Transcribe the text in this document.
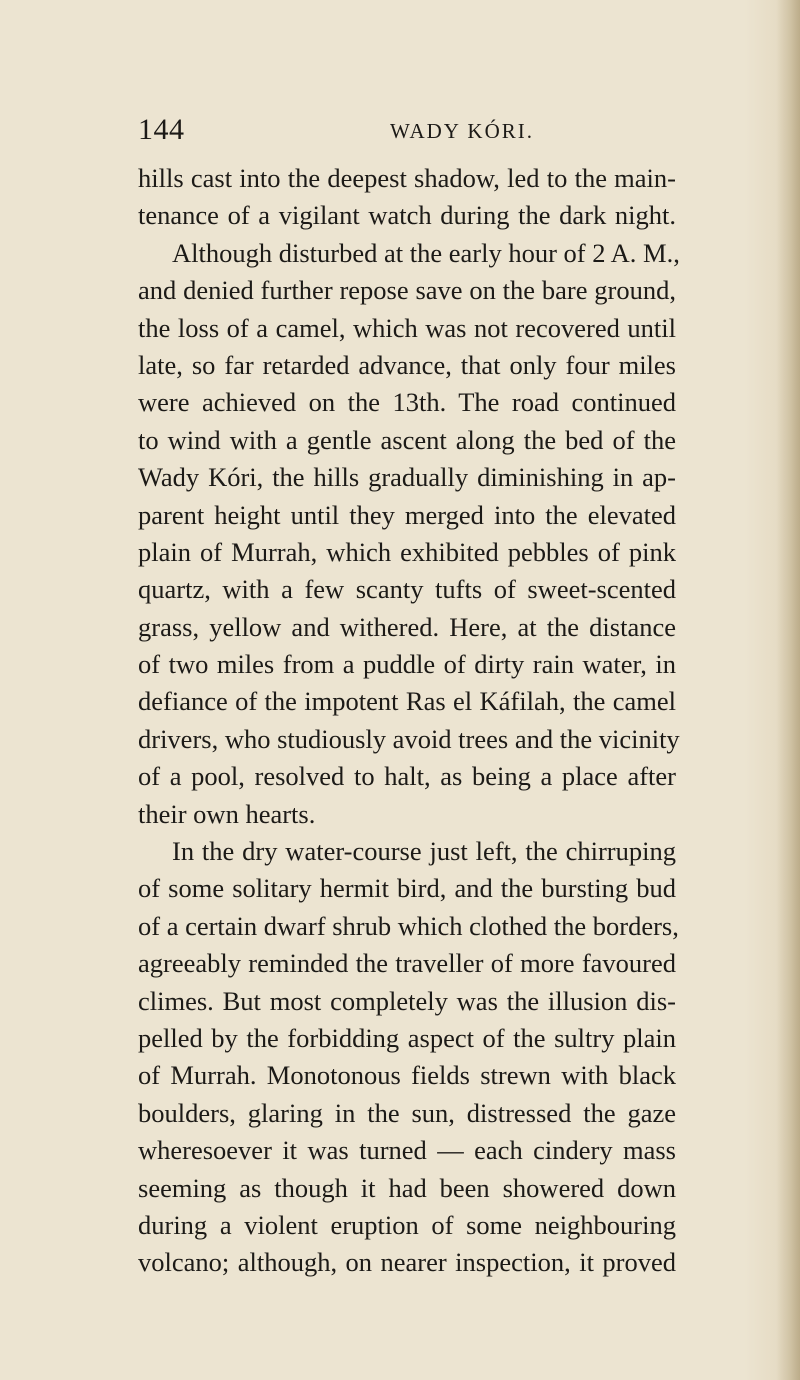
144	WADY KÓRI.
hills cast into the deepest shadow, led to the main-
tenance of a vigilant watch during the dark night.
Although disturbed at the early hour of 2 A. M.,
and denied further repose save on the bare ground,
the loss of a camel, which was not recovered until
late, so far retarded advance, that only four miles
were achieved on the 13th. The road continued
to wind with a gentle ascent along the bed of the
Wady Kóri, the hills gradually diminishing in ap-
parent height until they merged into the elevated
plain of Murrah, which exhibited pebbles of pink
quartz, with a few scanty tufts of sweet-scented
grass, yellow and withered. Here, at the distance
of two miles from a puddle of dirty rain water, in
defiance of the impotent Ras el Káfilah, the camel
drivers, who studiously avoid trees and the vicinity
of a pool, resolved to halt, as being a place after
their own hearts.
In the dry water-course just left, the chirruping
of some solitary hermit bird, and the bursting bud
of a certain dwarf shrub which clothed the borders,
agreeably reminded the traveller of more favoured
climes. But most completely was the illusion dis-
pelled by the forbidding aspect of the sultry plain
of Murrah. Monotonous fields strewn with black
boulders, glaring in the sun, distressed the gaze
wheresoever it was turned — each cindery mass
seeming as though it had been showered down
during a violent eruption of some neighbouring
volcano; although, on nearer inspection, it proved
